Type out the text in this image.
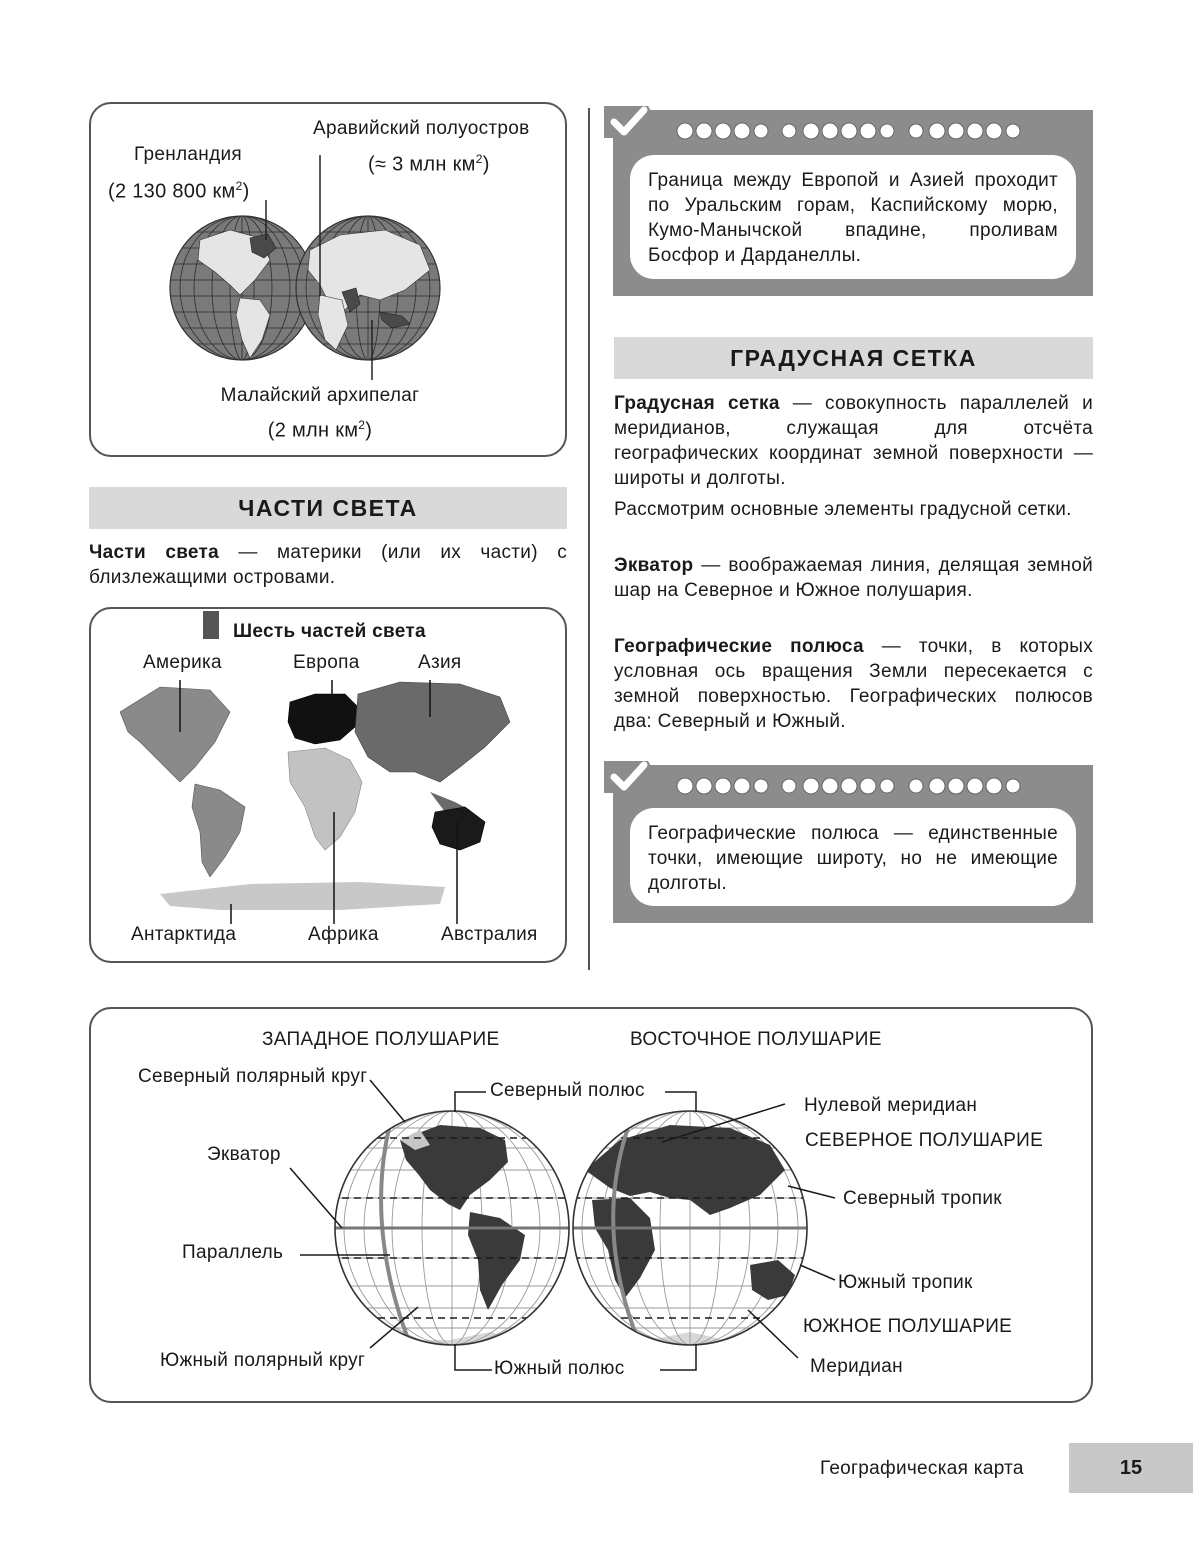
Гренландия
(2 130 800 $км^2$)
Аравийский полуостров
(≈ 3 млн $км^2$)
Малайский архипелаг
(2 млн $км^2$)
ЧАСТИ СВЕТА
Части света — материки (или их части) с близлежащими островами.
Шесть частей света
Америка	Европа	Азия
Антарктида	Африка	Австралия
Граница между Европой и Азией проходит по Уральским горам, Каспийскому морю, Кумо-Манычской впадине, проливам Босфор и Дарданеллы.
ГРАДУСНАЯ СЕТКА
Градусная сетка — совокупность параллелей и меридианов, служащая для отсчёта географических координат земной поверхности — широты и долготы.
Рассмотрим основные элементы градусной сетки.
Экватор — воображаемая линия, делящая земной шар на Северное и Южное полушария.
Географические полюса — точки, в которых условная ось вращения Земли пересекается с земной поверхностью. Географических полюсов два: Северный и Южный.
Географические полюса — единственные точки, имеющие широту, но не имеющие долготы.
ЗАПАДНОЕ ПОЛУШАРИЕ	ВОСТОЧНОЕ ПОЛУШАРИЕ
Северный полярный круг
Северный полюс
Нулевой меридиан
СЕВЕРНОЕ ПОЛУШАРИЕ
Экватор
Северный тропик
Параллель
Южный тропик
ЮЖНОЕ ПОЛУШАРИЕ
Южный полярный круг	Южный полюс	Меридиан
Географическая карта	15
